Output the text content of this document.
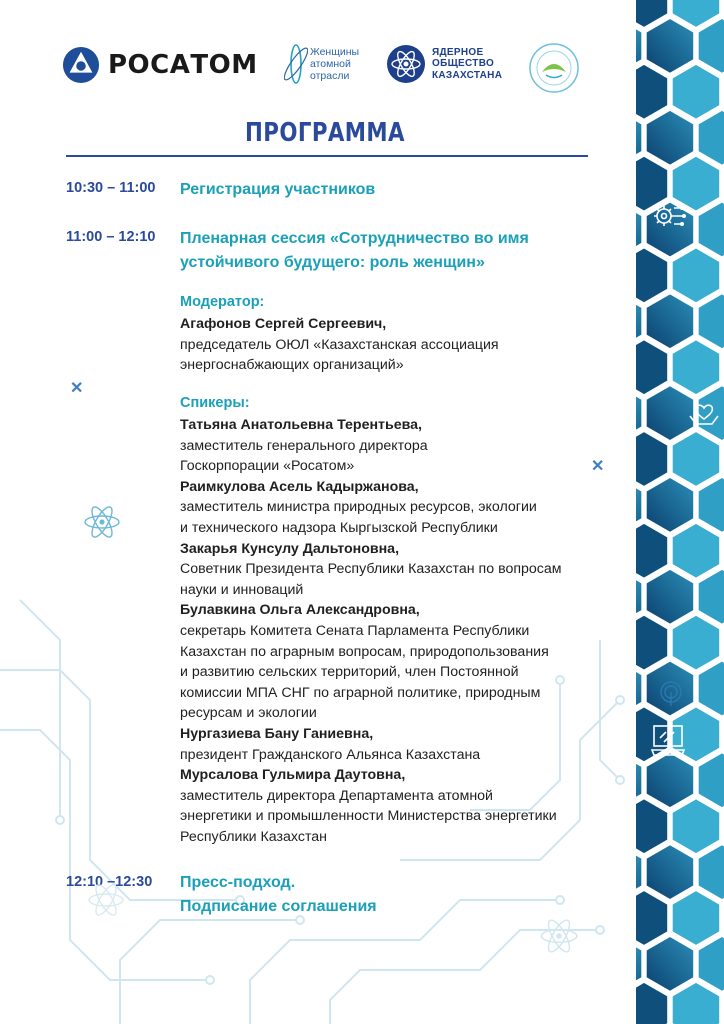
РОСАТОМ	Женщины
атомной
отрасли
ЯДЕРНОЕ
ОБЩЕСТВО
КАЗАХСТАНА
ПРОГРАММА
10:30 – 11:00 Регистрация участников
11:00 – 12:10 Пленарная сессия «Сотрудничество во имя
устойчивого будущего: роль женщин»
Модератор:
Агафонов Сергей Сергеевич,
председатель ОЮЛ «Казахстанская ассоциация
энергоснабжающих организаций»
Спикеры:
Татьяна Анатольевна Терентьева,
заместитель генерального директора
Госкорпорации «Росатом»
Раимкулова Асель Кадыржанова,
заместитель министра природных ресурсов, экологии
и технического надзора Кыргызской Республики
Закарья Кунсулу Дальтоновна,
Советник Президента Республики Казахстан по вопросам
науки и инноваций
Булавкина Ольга Александровна,
секретарь Комитета Сената Парламента Республики
Казахстан по аграрным вопросам, природопользования
и развитию сельских территорий, член Постоянной
комиссии МПА СНГ по аграрной политике, природным
ресурсам и экологии
Нургазиева Бану Ганиевна,
президент Гражданского Альянса Казахстана
Мурсалова Гульмира Даутовна,
заместитель директора Департамента атомной
энергетики и промышленности Министерства энергетики
Республики Казахстан
12:10 –12:30 Пресс-подход.
Подписание соглашения
✕
✕
